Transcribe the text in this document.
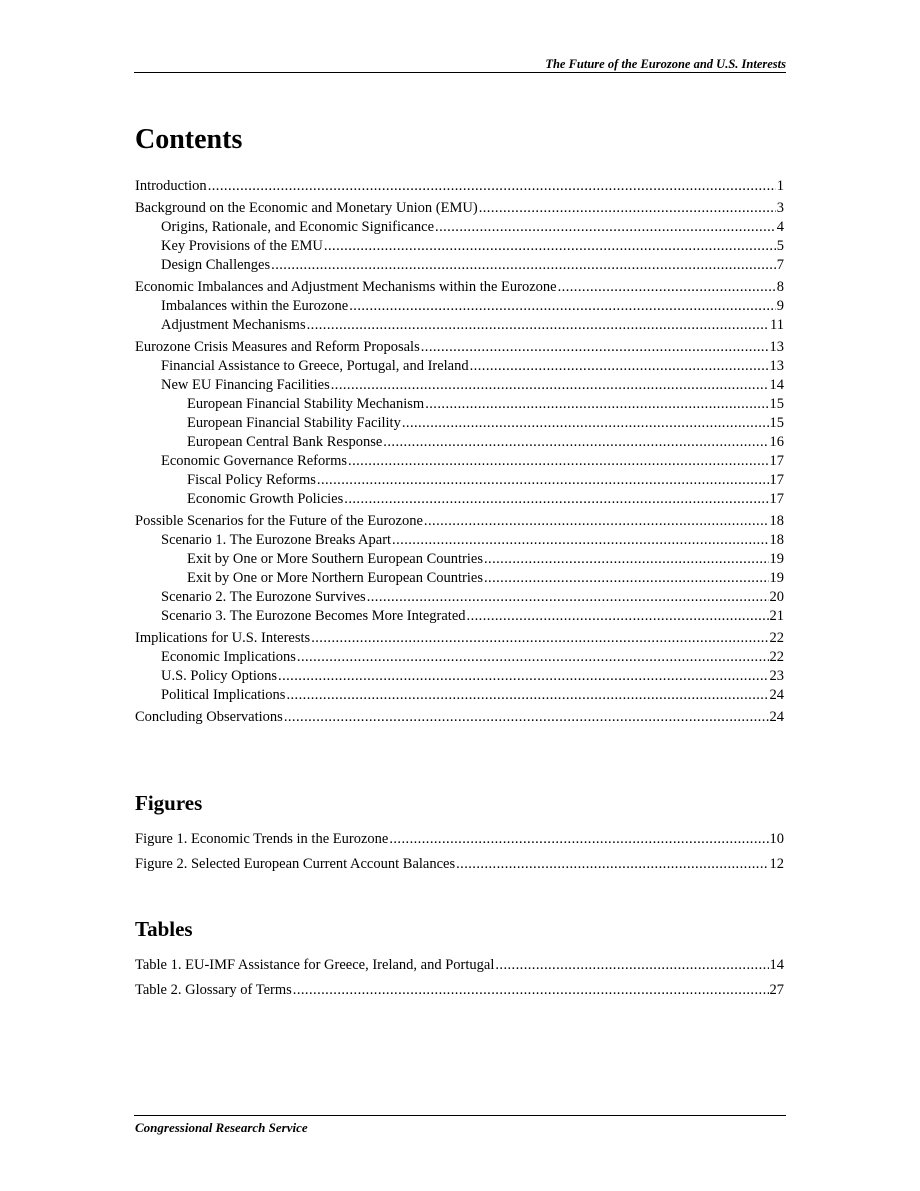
The Future of the Eurozone and U.S. Interests
Contents
Introduction . . .	1
Background on the Economic and Monetary Union (EMU) . . .	3
Origins, Rationale, and Economic Significance . . .	4
Key Provisions of the EMU . . .	5
Design Challenges . . .	7
Economic Imbalances and Adjustment Mechanisms within the Eurozone . . .	8
Imbalances within the Eurozone . . .	9
Adjustment Mechanisms . . .	11
Eurozone Crisis Measures and Reform Proposals . . .	13
Financial Assistance to Greece, Portugal, and Ireland . . .	13
New EU Financing Facilities . . .	14
European Financial Stability Mechanism . . .	15
European Financial Stability Facility . . .	15
European Central Bank Response . . .	16
Economic Governance Reforms . . .	17
Fiscal Policy Reforms . . .	17
Economic Growth Policies . . .	17
Possible Scenarios for the Future of the Eurozone . . .	18
Scenario 1. The Eurozone Breaks Apart . . .	18
Exit by One or More Southern European Countries . . .	19
Exit by One or More Northern European Countries . . .	19
Scenario 2. The Eurozone Survives . . .	20
Scenario 3. The Eurozone Becomes More Integrated . . .	21
Implications for U.S. Interests . . .	22
Economic Implications . . .	22
U.S. Policy Options . . .	23
Political Implications . . .	24
Concluding Observations . . .	24
Figures
Figure 1. Economic Trends in the Eurozone . . .	10
Figure 2. Selected European Current Account Balances . . .	12
Tables
Table 1. EU-IMF Assistance for Greece, Ireland, and Portugal . . .	14
Table 2. Glossary of Terms . . .	27
Congressional Research Service
